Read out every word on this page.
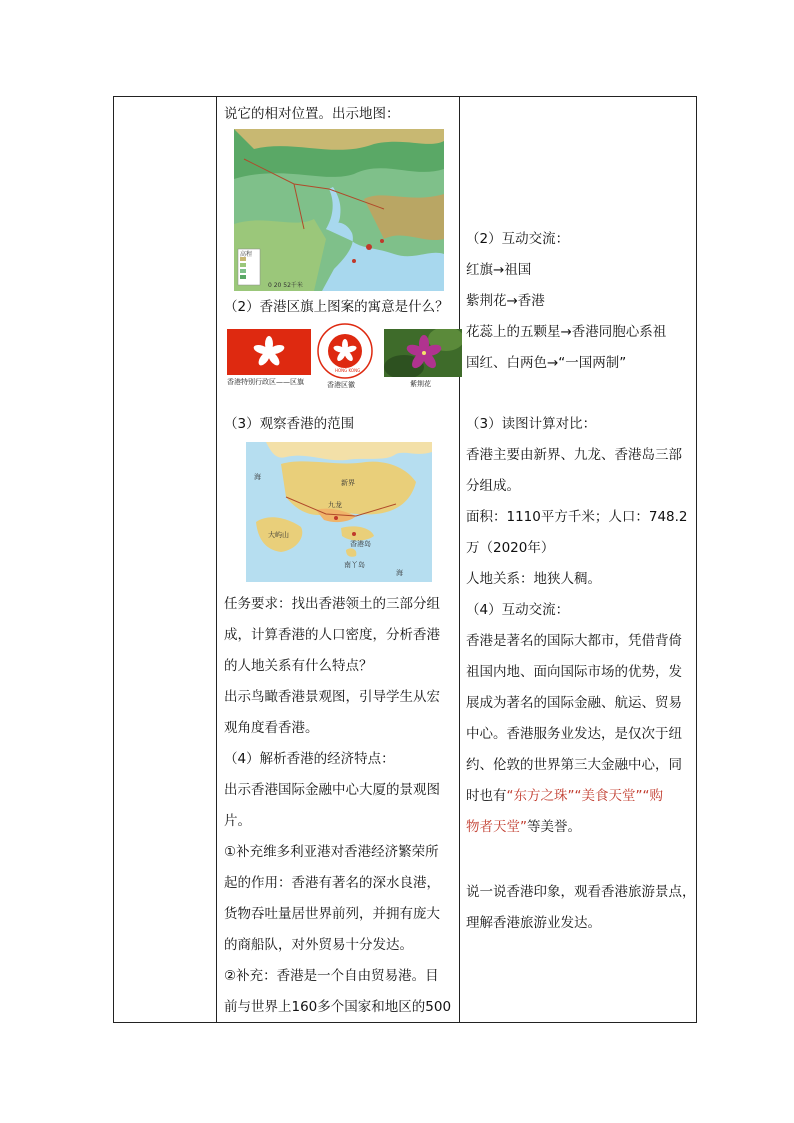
说它的相对位置。出示地图：

高程
0 20 52千米

（2）香港区旗上图案的寓意是什么？

香港特别行政区——区旗
HONG KONG
香港区徽	紫荆花

（3）观察香港的范围

新界
九龙
香港岛
大屿山
南丫岛
海
海

任务要求：找出香港领土的三部分组

成，计算香港的人口密度，分析香港

的人地关系有什么特点？

出示鸟瞰香港景观图，引导学生从宏

观角度看香港。

（4）解析香港的经济特点：

出示香港国际金融中心大厦的景观图

片。

①补充维多利亚港对香港经济繁荣所

起的作用：香港有著名的深水良港，

货物吞吐量居世界前列，并拥有庞大

的商船队，对外贸易十分发达。

②补充：香港是一个自由贸易港。目

前与世界上160多个国家和地区的500

（2）互动交流：

红旗→祖国

紫荆花→香港

花蕊上的五颗星→香港同胞心系祖

国红、白两色→“一国两制”

（3）读图计算对比：

香港主要由新界、九龙、香港岛三部

分组成。

面积：1110平方千米；人口：748.2

万（2020年）

人地关系：地狭人稠。

（4）互动交流：

香港是著名的国际大都市，凭借背倚

祖国内地、面向国际市场的优势，发

展成为著名的国际金融、航运、贸易

中心。香港服务业发达，是仅次于纽

约、伦敦的世界第三大金融中心，同

时也有“东方之珠”“美食天堂”“购

物者天堂”等美誉。

说一说香港印象，观看香港旅游景点，

理解香港旅游业发达。
